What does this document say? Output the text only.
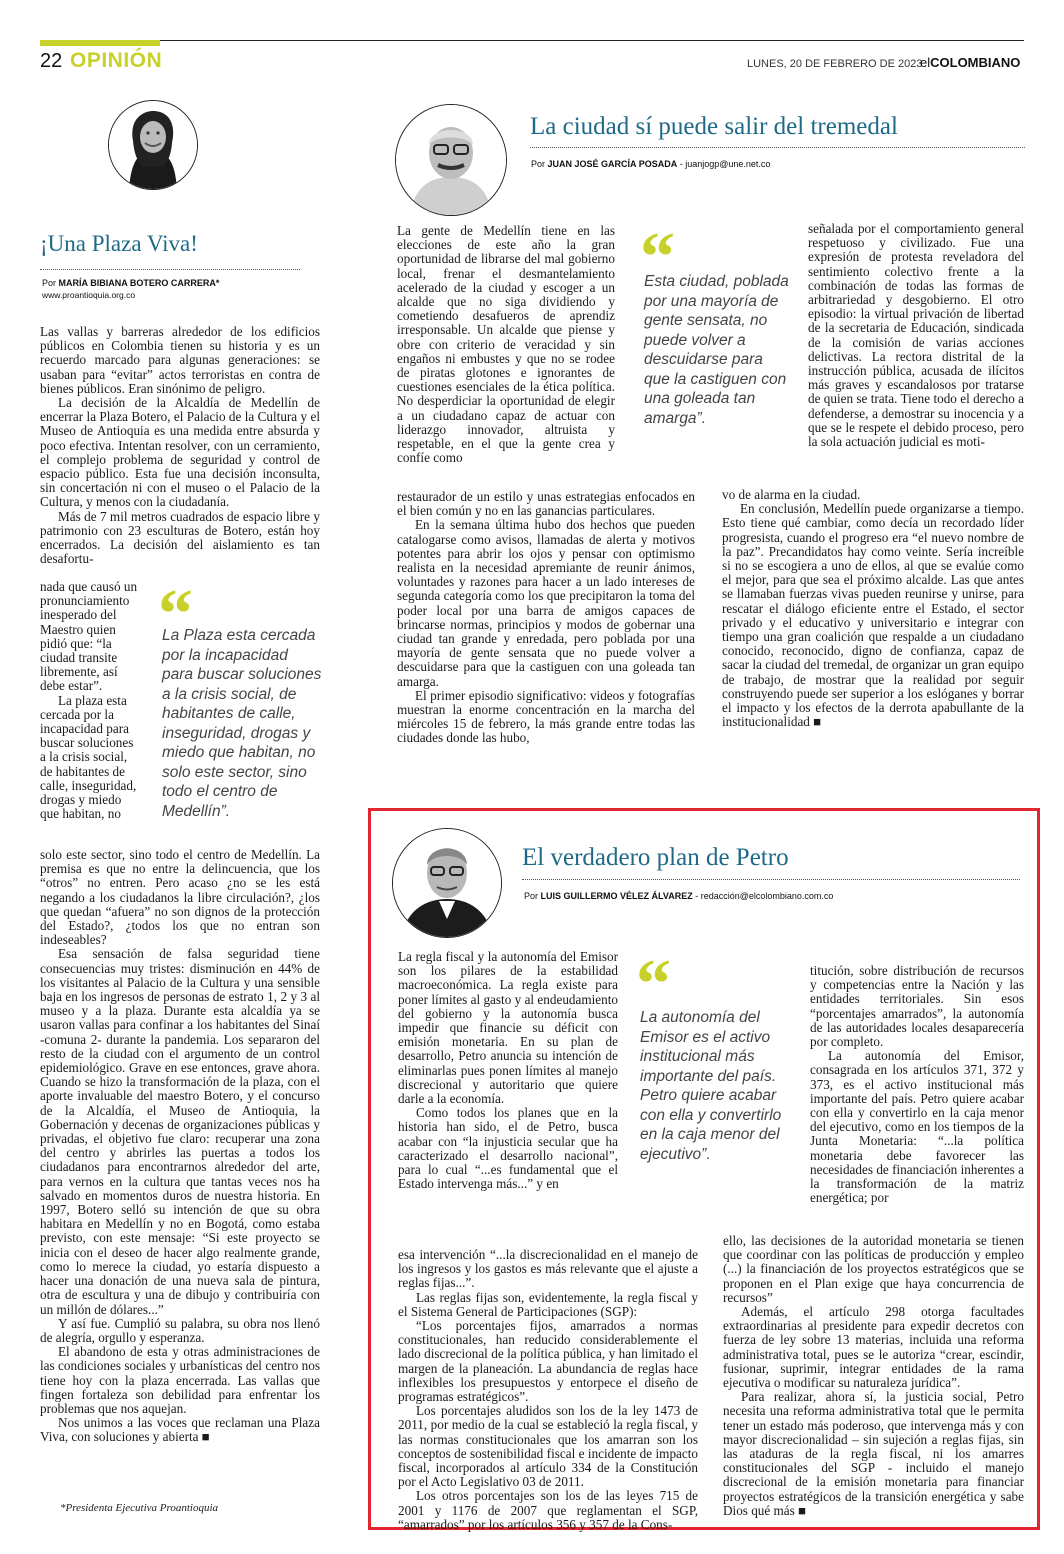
22 OPINIÓN	LUNES, 20 DE FEBRERO DE 2023
elCOLOMBIANO
¡Una Plaza Viva!
Por MARÍA BIBIANA BOTERO CARRERA*
www.proantioquia.org.co

Las vallas y barreras alrededor de los edificios públicos en Colombia tienen su historia y es un recuerdo marcado para algunas generaciones: se usaban para “evitar” actos terroristas en contra de bienes públicos. Eran sinónimo de peligro.

La decisión de la Alcaldía de Medellín de encerrar la Plaza Botero, el Palacio de la Cultura y el Museo de Antioquia es una medida entre absurda y poco efectiva. Intentan resolver, con un cerramiento, el complejo problema de seguridad y control de espacio público. Esta fue una decisión inconsulta, sin concertación ni con el museo o el Palacio de la Cultura, y menos con la ciudadanía.

Más de 7 mil metros cuadrados de espacio libre y patrimonio con 23 esculturas de Botero, están hoy encerrados. La decisión del aislamiento es tan desafortu-

nada que causó un pronunciamiento inesperado del Maestro quien pidió que: “la ciudad transite libremente, así debe estar”.

La plaza esta cercada por la incapacidad para buscar soluciones a la crisis social, de habitantes de calle, inseguridad, drogas y miedo que habitan, no

“
La Plaza esta cercada por la incapacidad para buscar soluciones a la crisis social, de habitantes de calle, inseguridad, drogas y miedo que habitan, no solo este sector, sino todo el centro de Medellín”.

solo este sector, sino todo el centro de Medellín. La premisa es que no entre la delincuencia, que los “otros” no entren. Pero acaso ¿no se les está negando a los ciudadanos la libre circulación?, ¿los que quedan “afuera” no son dignos de la protección del Estado?, ¿todos los que no entran son indeseables?

Esa sensación de falsa seguridad tiene consecuencias muy tristes: disminución en 44% de los visitantes al Palacio de la Cultura y una sensible baja en los ingresos de personas de estrato 1, 2 y 3 al museo y a la plaza. Durante esta alcaldía ya se usaron vallas para confinar a los habitantes del Sinaí -comuna 2- durante la pandemia. Los separaron del resto de la ciudad con el argumento de un control epidemiológico. Grave en ese entonces, grave ahora. Cuando se hizo la transformación de la plaza, con el aporte invaluable del maestro Botero, y el concurso de la Alcaldía, el Museo de Antioquia, la Gobernación y decenas de organizaciones públicas y privadas, el objetivo fue claro: recuperar una zona del centro y abrirles las puertas a todos los ciudadanos para encontrarnos alrededor del arte, para vernos en la cultura que tantas veces nos ha salvado en momentos duros de nuestra historia. En 1997, Botero selló su intención de que su obra habitara en Medellín y no en Bogotá, como estaba previsto, con este mensaje: “Si este proyecto se inicia con el deseo de hacer algo realmente grande, como lo merece la ciudad, yo estaría dispuesto a hacer una donación de una nueva sala de pintura, otra de escultura y una de dibujo y contribuiría con un millón de dólares...”

Y así fue. Cumplió su palabra, su obra nos llenó de alegría, orgullo y esperanza.

El abandono de esta y otras administraciones de las condiciones sociales y urbanísticas del centro nos tiene hoy con la plaza encerrada. Las vallas que fingen fortaleza son debilidad para enfrentar los problemas que nos aquejan.

Nos unimos a las voces que reclaman una Plaza Viva, con soluciones y abierta ■

*Presidenta Ejecutiva Proantioquia
La ciudad sí puede salir del tremedal
Por JUAN JOSÉ GARCÍA POSADA - juanjogp@une.net.co

La gente de Medellín tiene en las elecciones de este año la gran oportunidad de librarse del mal gobierno local, frenar el desmantelamiento acelerado de la ciudad y escoger a un alcalde que no siga dividiendo y cometiendo desafueros de aprendiz irresponsable. Un alcalde que piense y obre con criterio de veracidad y sin engaños ni embustes y que no se rodee de piratas glotones e ignorantes de cuestiones esenciales de la ética política. No desperdiciar la oportunidad de elegir a un ciudadano capaz de actuar con liderazgo innovador, altruista y respetable, en el que la gente crea y confíe como

restaurador de un estilo y unas estrategias enfocados en el bien común y no en las ganancias particulares.

En la semana última hubo dos hechos que pueden catalogarse como avisos, llamadas de alerta y motivos potentes para abrir los ojos y pensar con optimismo realista en la necesidad apremiante de reunir ánimos, voluntades y razones para hacer a un lado intereses de segunda categoría como los que precipitaron la toma del poder local por una barra de amigos capaces de brincarse normas, principios y modos de gobernar una ciudad tan grande y enredada, pero poblada por una mayoría de gente sensata que no puede volver a descuidarse para que la castiguen con una goleada tan amarga.

El primer episodio significativo: videos y fotografías muestran la enorme concentración en la marcha del miércoles 15 de febrero, la más grande entre todas las ciudades donde las hubo,

“
Esta ciudad, poblada por una mayoría de gente sensata, no puede volver a descuidarse para que la castiguen con una goleada tan amarga”.

señalada por el comportamiento general respetuoso y civilizado. Fue una expresión de protesta reveladora del sentimiento colectivo frente a la combinación de todas las formas de arbitrariedad y desgobierno. El otro episodio: la virtual privación de libertad de la secretaria de Educación, sindicada de la comisión de varias acciones delictivas. La rectora distrital de la instrucción pública, acusada de ilícitos más graves y escandalosos por tratarse de quien se trata. Tiene todo el derecho a defenderse, a demostrar su inocencia y a que se le respete el debido proceso, pero la sola actuación judicial es moti-

vo de alarma en la ciudad.

En conclusión, Medellín puede organizarse a tiempo. Esto tiene qué cambiar, como decía un recordado líder progresista, cuando el progreso era “el nuevo nombre de la paz”. Precandidatos hay como veinte. Sería increíble si no se escogiera a uno de ellos, al que se evalúe como el mejor, para que sea el próximo alcalde. Las que antes se llamaban fuerzas vivas pueden reunirse y unirse, para rescatar el diálogo eficiente entre el Estado, el sector privado y el educativo y universitario e integrar con tiempo una gran coalición que respalde a un ciudadano conocido, reconocido, digno de confianza, capaz de sacar la ciudad del tremedal, de organizar un gran equipo de trabajo, de mostrar que la realidad por seguir construyendo puede ser superior a los eslóganes y borrar el impacto y los efectos de la derrota apabullante de la institucionalidad ■

El verdadero plan de Petro
Por LUIS GUILLERMO VÉLEZ ÁLVAREZ - redacción@elcolombiano.com.co

La regla fiscal y la autonomía del Emisor son los pilares de la estabilidad macroeconómica. La regla existe para poner límites al gasto y al endeudamiento del gobierno y la autonomía busca impedir que financie su déficit con emisión monetaria. En su plan de desarrollo, Petro anuncia su intención de eliminarlas pues ponen límites al manejo discrecional y autoritario que quiere darle a la economía.

Como todos los planes que en la historia han sido, el de Petro, busca acabar con “la injusticia secular que ha caracterizado el desarrollo nacional”, para lo cual “...es fundamental que el Estado intervenga más...” y en

esa intervención “...la discrecionalidad en el manejo de los ingresos y los gastos es más relevante que el ajuste a reglas fijas...”.

Las reglas fijas son, evidentemente, la regla fiscal y el Sistema General de Participaciones (SGP):

“Los porcentajes fijos, amarrados a normas constitucionales, han reducido considerablemente el lado discrecional de la política pública, y han limitado el margen de la planeación. La abundancia de reglas hace inflexibles los presupuestos y entorpece el diseño de programas estratégicos”.

Los porcentajes aludidos son los de la ley 1473 de 2011, por medio de la cual se estableció la regla fiscal, y las normas constitucionales que los amarran son los conceptos de sostenibilidad fiscal e incidente de impacto fiscal, incorporados al artículo 334 de la Constitución por el Acto Legislativo 03 de 2011.

Los otros porcentajes son los de las leyes 715 de 2001 y 1176 de 2007 que reglamentan el SGP, “amarrados” por los artículos 356 y 357 de la Cons-

“
La autonomía del Emisor es el activo institucional más importante del país. Petro quiere acabar con ella y convertirlo en la caja menor del ejecutivo”.

titución, sobre distribución de recursos y competencias entre la Nación y las entidades territoriales. Sin esos “porcentajes amarrados”, la autonomía de las autoridades locales desaparecería por completo.

La autonomía del Emisor, consagrada en los artículos 371, 372 y 373, es el activo institucional más importante del país. Petro quiere acabar con ella y convertirlo en la caja menor del ejecutivo, como en los tiempos de la Junta Monetaria: “...la política monetaria debe favorecer las necesidades de financiación inherentes a la transformación de la matriz energética; por

ello, las decisiones de la autoridad monetaria se tienen que coordinar con las políticas de producción y empleo (...) la financiación de los proyectos estratégicos que se proponen en el Plan exige que haya concurrencia de recursos”

Además, el artículo 298 otorga facultades extraordinarias al presidente para expedir decretos con fuerza de ley sobre 13 materias, incluida una reforma administrativa total, pues se le autoriza “crear, escindir, fusionar, suprimir, integrar entidades de la rama ejecutiva o modificar su naturaleza jurídica”.

Para realizar, ahora sí, la justicia social, Petro necesita una reforma administrativa total que le permita tener un estado más poderoso, que intervenga más y con mayor discrecionalidad – sin sujeción a reglas fijas, sin las ataduras de la regla fiscal, ni los amarres constitucionales del SGP - incluido el manejo discrecional de la emisión monetaria para financiar proyectos estratégicos de la transición energética y sabe Dios qué más ■
